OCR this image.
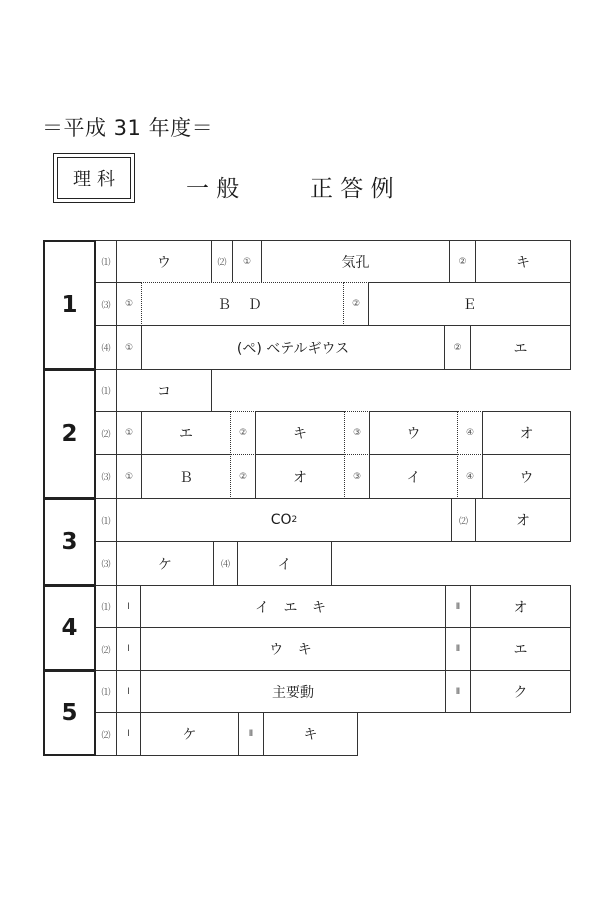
＝平成 31 年度＝
理科	一 般	正 答 例
1
⑴	ウ	⑵	①	気孔	②	キ
⑶	①	Ｂ Ｄ	②	Ｅ
⑷	①	(ペ) ベテルギウス	②	エ
2
⑴	コ
⑵	①	エ	②	キ	③	ウ	④	オ
⑶	①	Ｂ	②	オ	③	イ	④	ウ
3
⑴	CO 2	⑵	オ
⑶	ケ	⑷	イ
4
⑴	Ⅰ	イ エ キ	Ⅱ	オ
⑵	Ⅰ	ウ キ	Ⅱ	エ
5
⑴	Ⅰ	主要動	Ⅱ	ク
⑵	Ⅰ	ケ	Ⅱ	キ
